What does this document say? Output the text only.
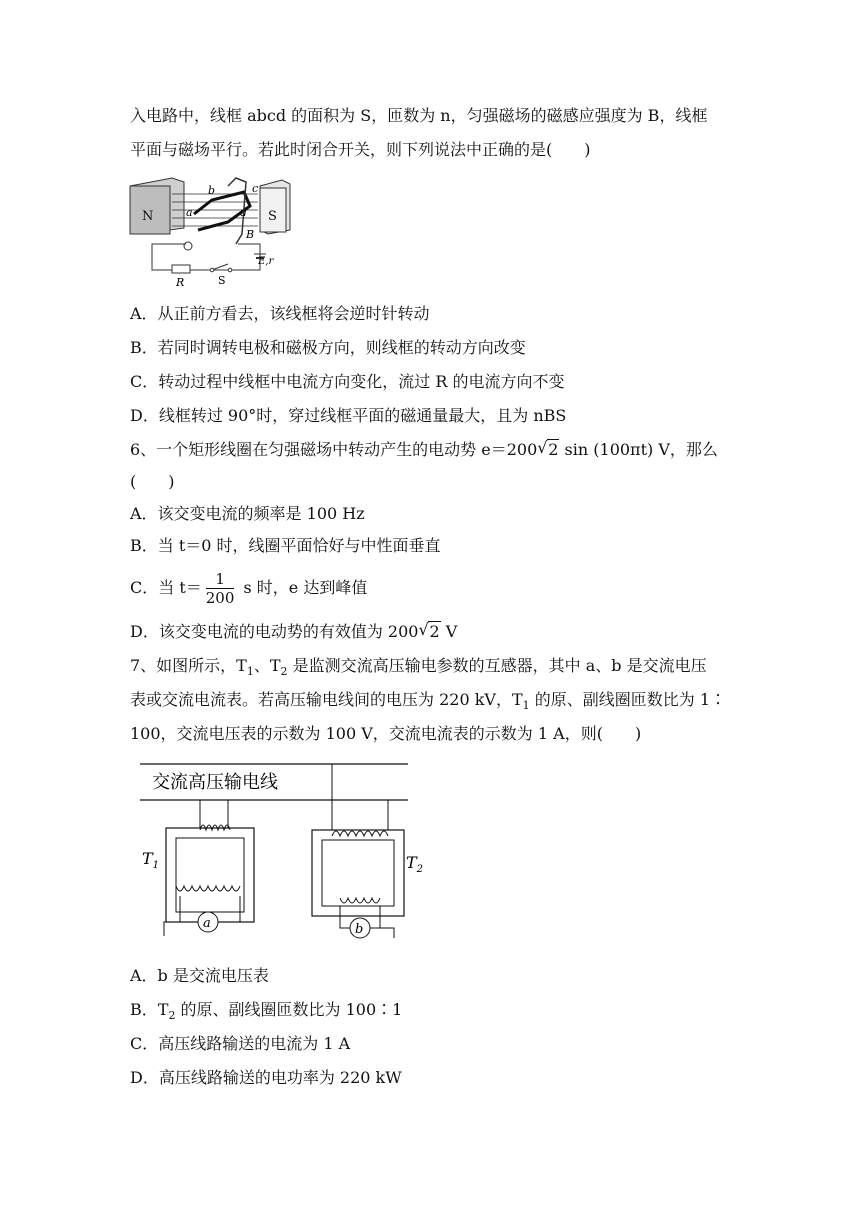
入电路中，线框 abcd 的面积为 S，匝数为 n，匀强磁场的磁感应强度为 B，线框
平面与磁场平行。若此时闭合开关，则下列说法中正确的是(　　)
N	S
a
b	c
d
B
R	S
E,r
A．从正前方看去，该线框将会逆时针转动
B．若同时调转电极和磁极方向，则线框的转动方向改变
C．转动过程中线框中电流方向变化，流过 R 的电流方向不变
D．线框转过 90°时，穿过线框平面的磁通量最大，且为 nBS
6、一个矩形线圈在匀强磁场中转动产生的电动势 e＝200 √ 2 sin (100πt) V，那么
(　　)
A．该交变电流的频率是 100 Hz
B．当 t＝0 时，线圈平面恰好与中性面垂直
C．当 $t= \frac{1}{200}$ s 时，e 达到峰值
D．该交变电流的电动势的有效值为 200 √ 2 V
7、如图所示，$T_1$、$T_2$ 是监测交流高压输电参数的互感器，其中 a、b 是交流电压
表或交流电流表。若高压输电线间的电压为 220 kV，$T_1$ 的原、副线圈匝数比为 1∶
100，交流电压表的示数为 100 V，交流电流表的示数为 1 A，则(　　)
交流高压输电线
a
$T_1$
b
$T_2$
A．b 是交流电压表
B．$T_2$ 的原、副线圈匝数比为 100∶1
C．高压线路输送的电流为 1 A
D．高压线路输送的电功率为 220 kW
